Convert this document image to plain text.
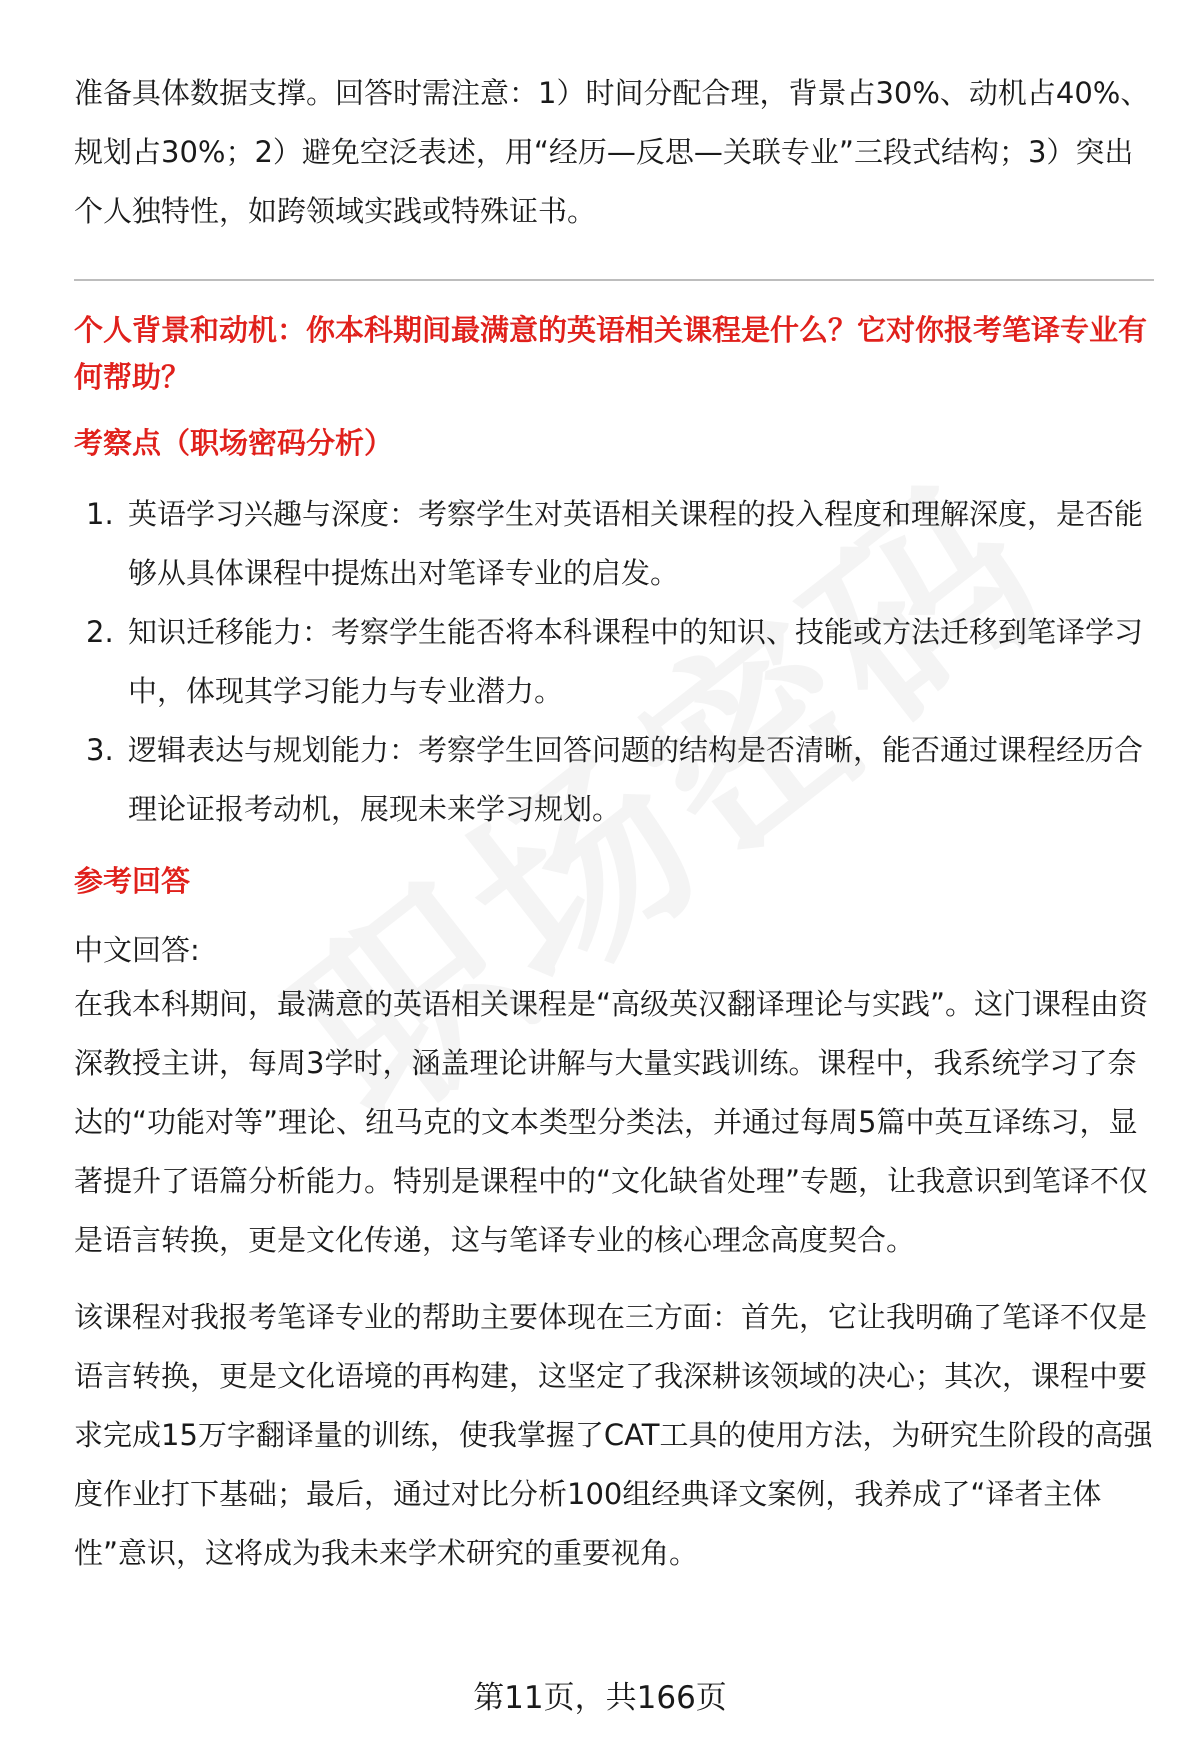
准备具体数据支撑。回答时需注意：1）时间分配合理，背景占30%、动机占40%、规划占30%；2）避免空泛表述，用“经历—反思—关联专业”三段式结构；3）突出个人独特性，如跨领域实践或特殊证书。

个人背景和动机：你本科期间最满意的英语相关课程是什么？它对你报考笔译专业有何帮助？

考察点（职场密码分析）

1. 英语学习兴趣与深度：考察学生对英语相关课程的投入程度和理解深度，是否能够从具体课程中提炼出对笔译专业的启发。
2. 知识迁移能力：考察学生能否将本科课程中的知识、技能或方法迁移到笔译学习中，体现其学习能力与专业潜力。
3. 逻辑表达与规划能力：考察学生回答问题的结构是否清晰，能否通过课程经历合理论证报考动机，展现未来学习规划。

参考回答

中文回答:

在我本科期间，最满意的英语相关课程是“高级英汉翻译理论与实践”。这门课程由资深教授主讲，每周3学时，涵盖理论讲解与大量实践训练。课程中，我系统学习了奈达的“功能对等”理论、纽马克的文本类型分类法，并通过每周5篇中英互译练习，显著提升了语篇分析能力。特别是课程中的“文化缺省处理”专题，让我意识到笔译不仅是语言转换，更是文化传递，这与笔译专业的核心理念高度契合。

该课程对我报考笔译专业的帮助主要体现在三方面：首先，它让我明确了笔译不仅是语言转换，更是文化语境的再构建，这坚定了我深耕该领域的决心；其次，课程中要求完成15万字翻译量的训练，使我掌握了CAT工具的使用方法，为研究生阶段的高强度作业打下基础；最后，通过对比分析100组经典译文案例，我养成了“译者主体性”意识，这将成为我未来学术研究的重要视角。

第11页，共166页
